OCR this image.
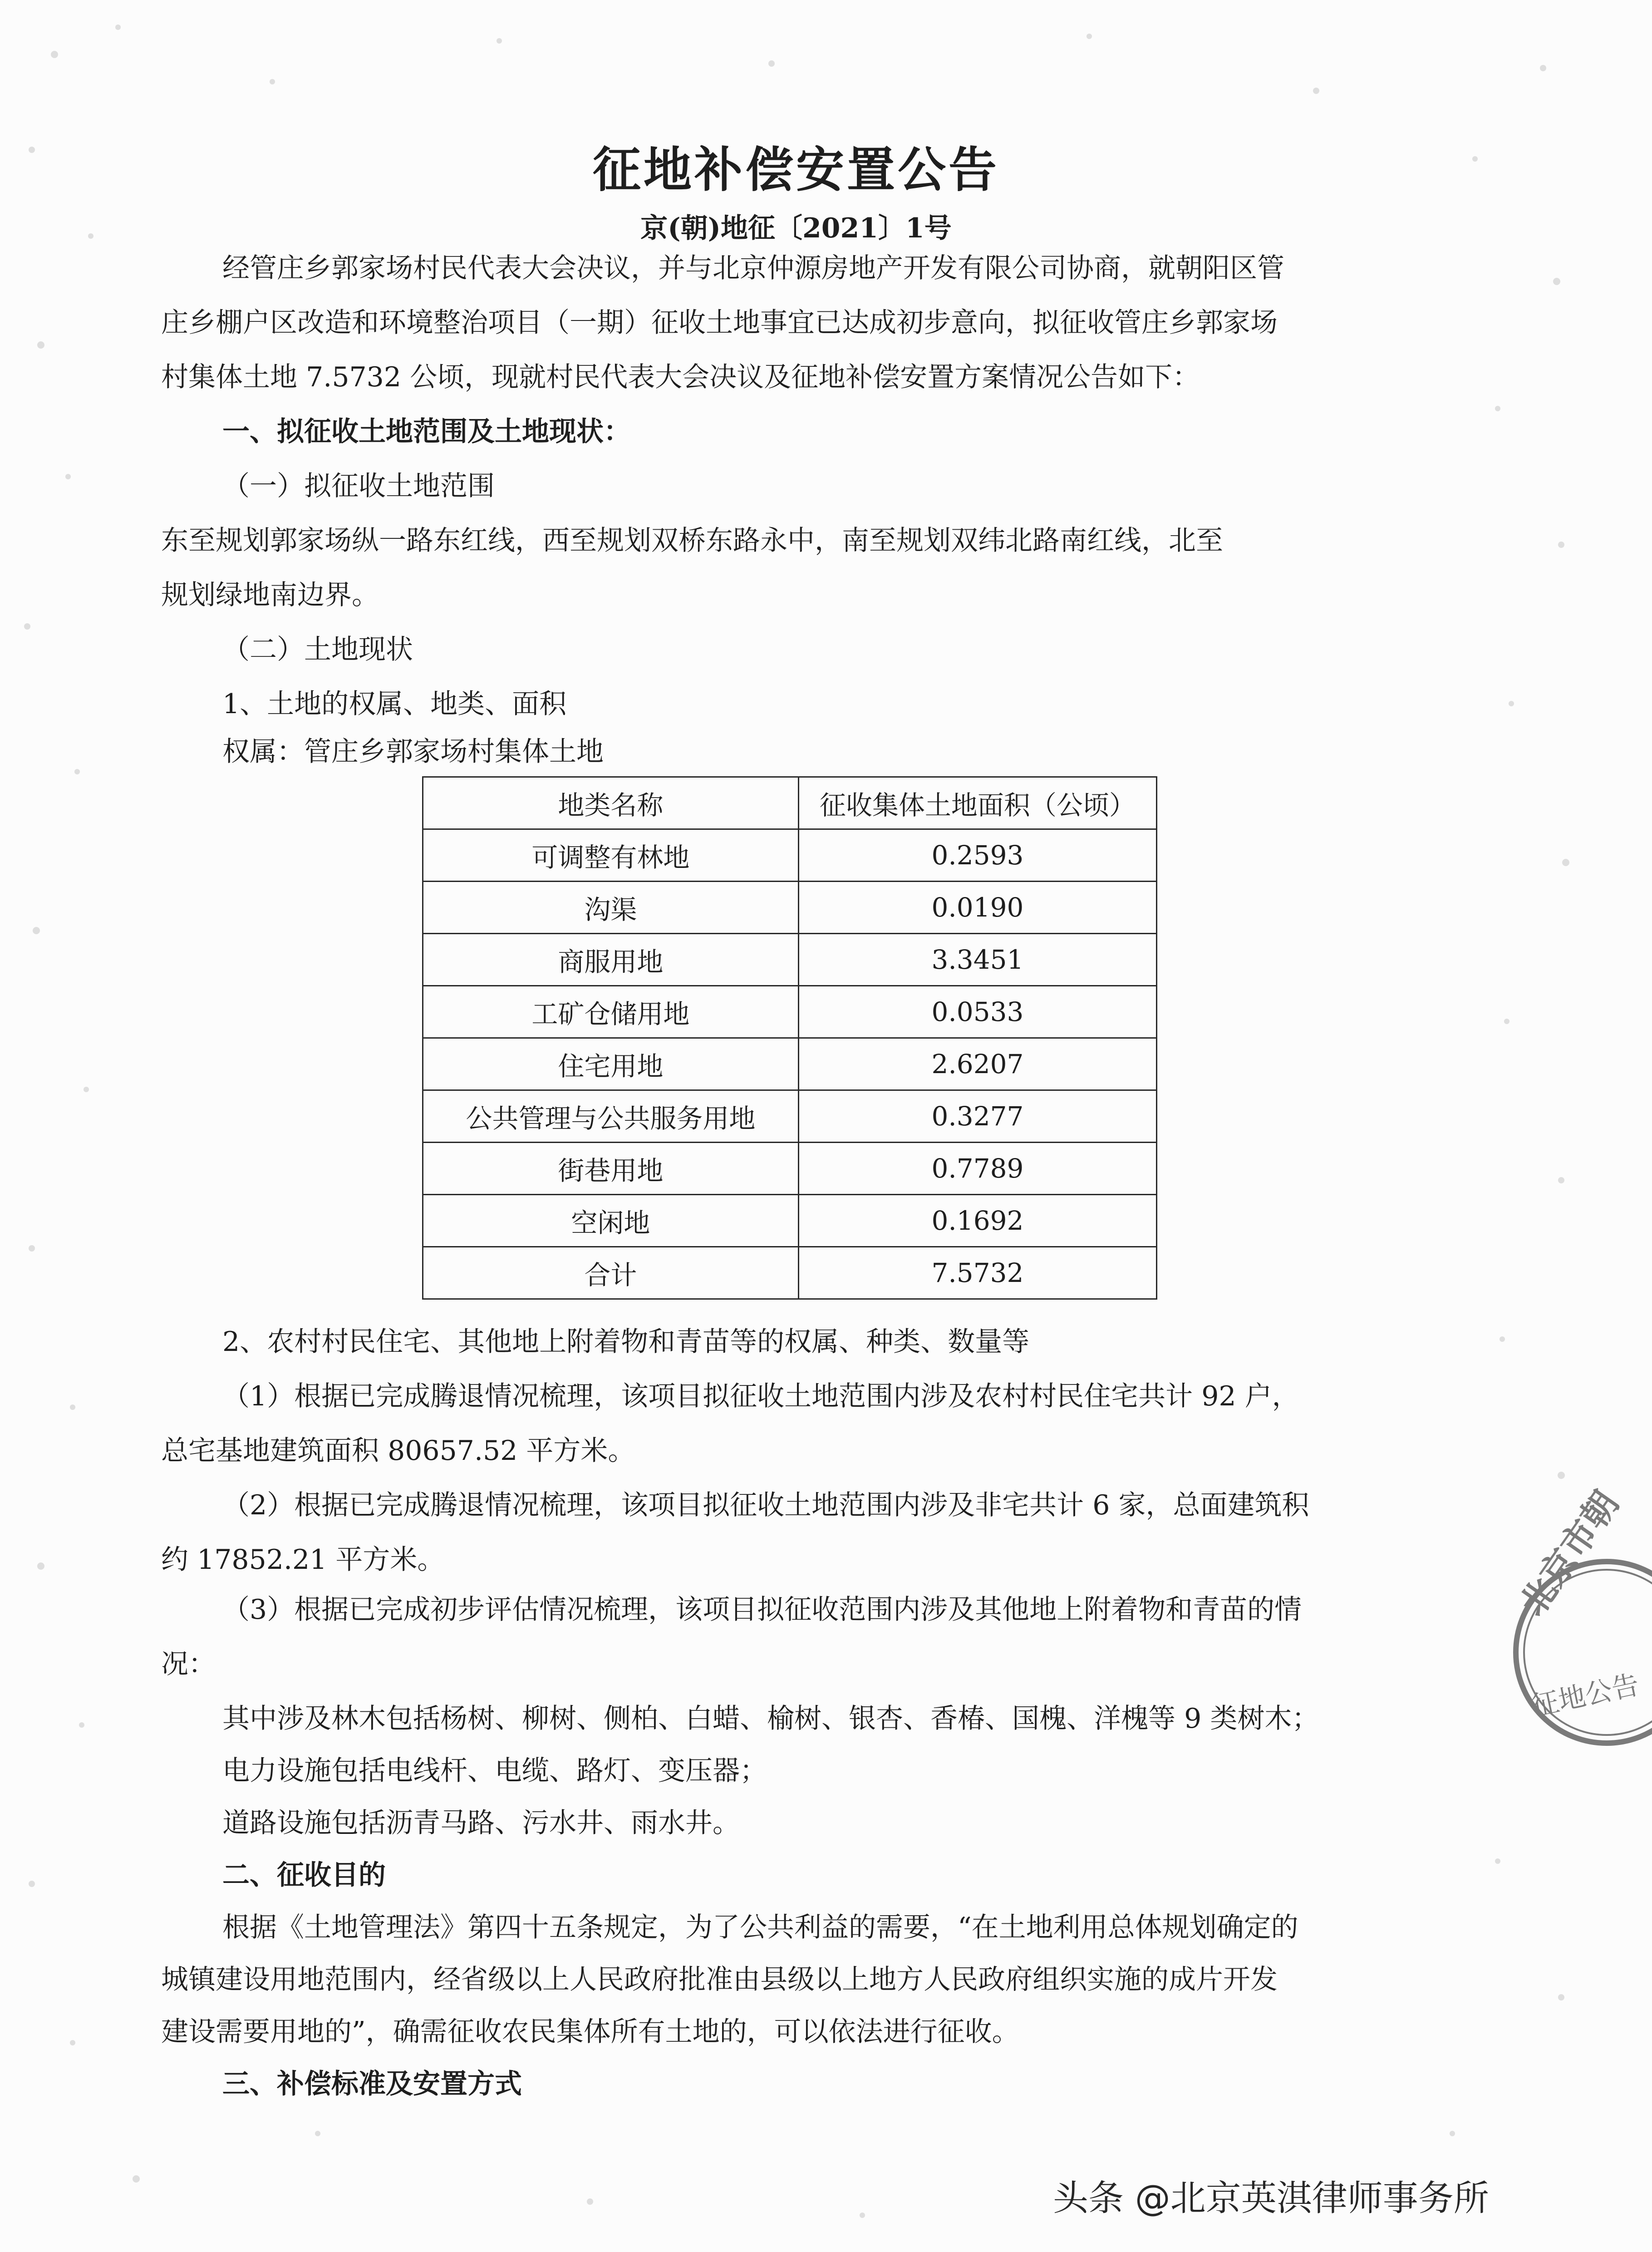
征地补偿安置公告
京(朝)地征〔2021〕1号
经管庄乡郭家场村民代表大会决议，并与北京仲源房地产开发有限公司协商，就朝阳区管
庄乡棚户区改造和环境整治项目（一期）征收土地事宜已达成初步意向，拟征收管庄乡郭家场
村集体土地 7.5732 公顷，现就村民代表大会决议及征地补偿安置方案情况公告如下：
一、拟征收土地范围及土地现状：
（一）拟征收土地范围
东至规划郭家场纵一路东红线，西至规划双桥东路永中，南至规划双纬北路南红线，北至
规划绿地南边界。
（二）土地现状
1、土地的权属、地类、面积
权属：管庄乡郭家场村集体土地
地类名称	征收集体土地面积（公顷）
可调整有林地	0.2593
沟渠	0.0190
商服用地	3.3451
工矿仓储用地	0.0533
住宅用地	2.6207
公共管理与公共服务用地	0.3277
街巷用地	0.7789
空闲地	0.1692
合计	7.5732
2、农村村民住宅、其他地上附着物和青苗等的权属、种类、数量等
（1）根据已完成腾退情况梳理，该项目拟征收土地范围内涉及农村村民住宅共计 92 户，
总宅基地建筑面积 80657.52 平方米。
（2）根据已完成腾退情况梳理，该项目拟征收土地范围内涉及非宅共计 6 家，总面建筑积
约 17852.21 平方米。
（3）根据已完成初步评估情况梳理，该项目拟征收范围内涉及其他地上附着物和青苗的情
况：
其中涉及林木包括杨树、柳树、侧柏、白蜡、榆树、银杏、香椿、国槐、洋槐等 9 类树木；
电力设施包括电线杆、电缆、路灯、变压器；
道路设施包括沥青马路、污水井、雨水井。
二、征收目的
根据《土地管理法》第四十五条规定，为了公共利益的需要，“在土地利用总体规划确定的
城镇建设用地范围内，经省级以上人民政府批准由县级以上地方人民政府组织实施的成片开发
建设需要用地的”，确需征收农民集体所有土地的，可以依法进行征收。
三、补偿标准及安置方式
北京市朝
征地公告
头条 @北京英淇律师事务所
